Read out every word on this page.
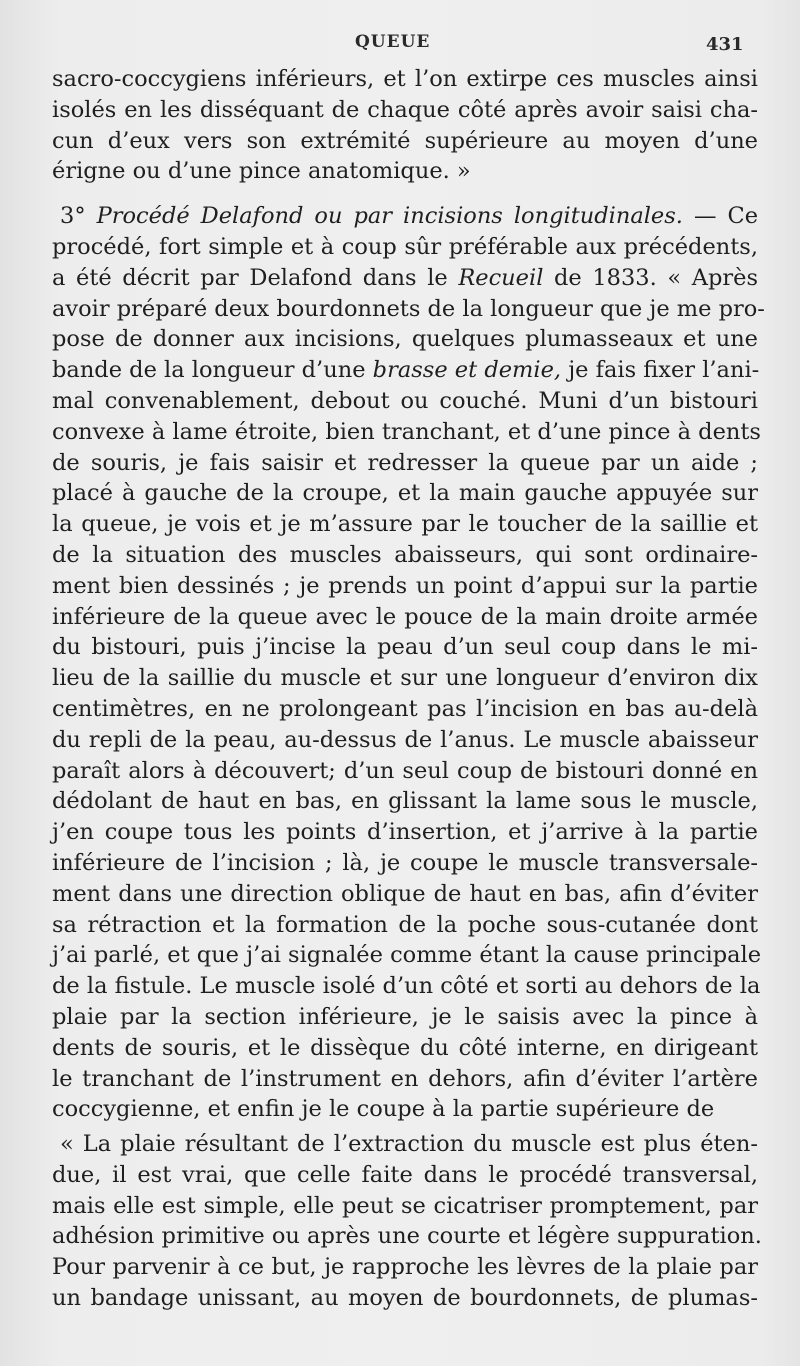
QUEUE	431
sacro-coccygiens inférieurs, et l’on extirpe ces muscles ainsi
isolés en les disséquant de chaque côté après avoir saisi cha-
cun d’eux vers son extrémité supérieure au moyen d’une
érigne ou d’une pince anatomique. »
3° Procédé Delafond ou par incisions longitudinales. — Ce
procédé, fort simple et à coup sûr préférable aux précédents,
a été décrit par Delafond dans le Recueil de 1833. « Après
avoir préparé deux bourdonnets de la longueur que je me pro-
pose de donner aux incisions, quelques plumasseaux et une
bande de la longueur d’une brasse et demie, je fais fixer l’ani-
mal convenablement, debout ou couché. Muni d’un bistouri
convexe à lame étroite, bien tranchant, et d’une pince à dents
de souris, je fais saisir et redresser la queue par un aide ;
placé à gauche de la croupe, et la main gauche appuyée sur
la queue, je vois et je m’assure par le toucher de la saillie et
de la situation des muscles abaisseurs, qui sont ordinaire-
ment bien dessinés ; je prends un point d’appui sur la partie
inférieure de la queue avec le pouce de la main droite armée
du bistouri, puis j’incise la peau d’un seul coup dans le mi-
lieu de la saillie du muscle et sur une longueur d’environ dix
centimètres, en ne prolongeant pas l’incision en bas au-delà
du repli de la peau, au-dessus de l’anus. Le muscle abaisseur
paraît alors à découvert; d’un seul coup de bistouri donné en
dédolant de haut en bas, en glissant la lame sous le muscle,
j’en coupe tous les points d’insertion, et j’arrive à la partie
inférieure de l’incision ; là, je coupe le muscle transversale-
ment dans une direction oblique de haut en bas, afin d’éviter
sa rétraction et la formation de la poche sous-cutanée dont
j’ai parlé, et que j’ai signalée comme étant la cause principale
de la fistule. Le muscle isolé d’un côté et sorti au dehors de la
plaie par la section inférieure, je le saisis avec la pince à
dents de souris, et le dissèque du côté interne, en dirigeant
le tranchant de l’instrument en dehors, afin d’éviter l’artère
coccygienne, et enfin je le coupe à la partie supérieure de
« La plaie résultant de l’extraction du muscle est plus éten-
due, il est vrai, que celle faite dans le procédé transversal,
mais elle est simple, elle peut se cicatriser promptement, par
adhésion primitive ou après une courte et légère suppuration.
Pour parvenir à ce but, je rapproche les lèvres de la plaie par
un bandage unissant, au moyen de bourdonnets, de plumas-
